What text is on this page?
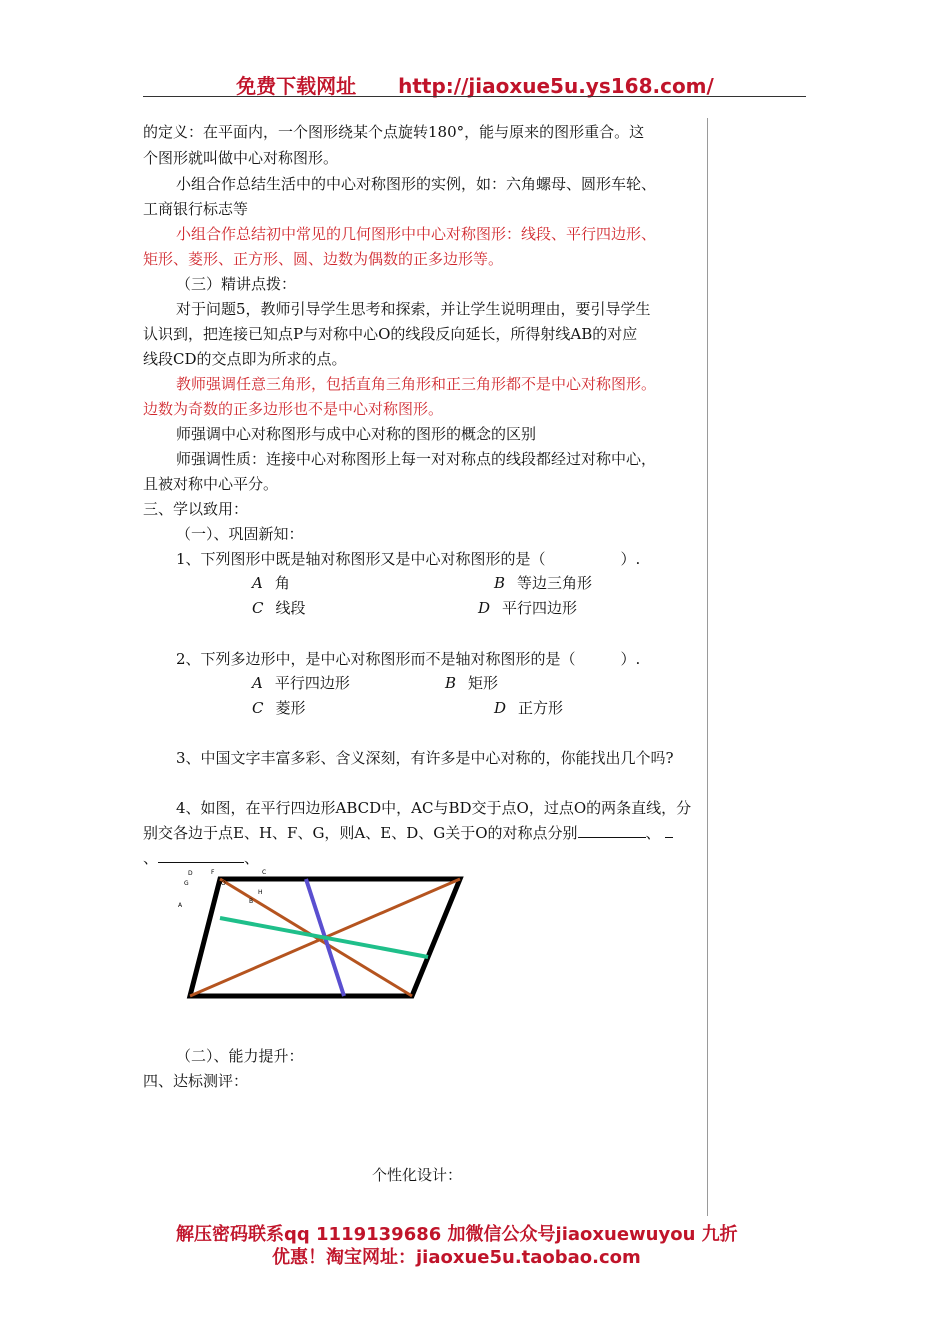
免费下载网址 http://jiaoxue5u.ys168.com/
的定义：在平面内，一个图形绕某个点旋转180°，能与原来的图形重合。这
个图形就叫做中心对称图形。
小组合作总结生活中的中心对称图形的实例，如：六角螺母、圆形车轮、
工商银行标志等
小组合作总结初中常见的几何图形中中心对称图形：线段、平行四边形、
矩形、菱形、正方形、圆、边数为偶数的正多边形等。
（三）精讲点拨：
对于问题5，教师引导学生思考和探索，并让学生说明理由，要引导学生
认识到，把连接已知点P与对称中心O的线段反向延长，所得射线AB的对应
线段CD的交点即为所求的点。
教师强调任意三角形，包括直角三角形和正三角形都不是中心对称图形。
边数为奇数的正多边形也不是中心对称图形。
师强调中心对称图形与成中心对称的图形的概念的区别
师强调性质：连接中心对称图形上每一对对称点的线段都经过对称中心，
且被对称中心平分。
三、学以致用：
（一）、巩固新知：
1、下列图形中既是轴对称图形又是中心对称图形的是（　　　　　）.
A 角	B 等边三角形
C 线段	D 平行四边形
2、下列多边形中，是中心对称图形而不是轴对称图形的是（　　　）.
A 平行四边形	B 矩形
C 菱形	D 正方形
3、中国文字丰富多彩、含义深刻，有许多是中心对称的，你能找出几个吗?
4、如图，在平行四边形ABCD中，AC与BD交于点O，过点O的两条直线，分
别交各边于点E、H、F、G，则A、E、D、G关于O的对称点分别	、
、	、
D	F	C
G	O
H
B
A
（二）、能力提升：
四、达标测评：
个性化设计：
解压密码联系qq 1119139686 加微信公众号jiaoxuewuyou 九折
优惠！淘宝网址：jiaoxue5u.taobao.com
